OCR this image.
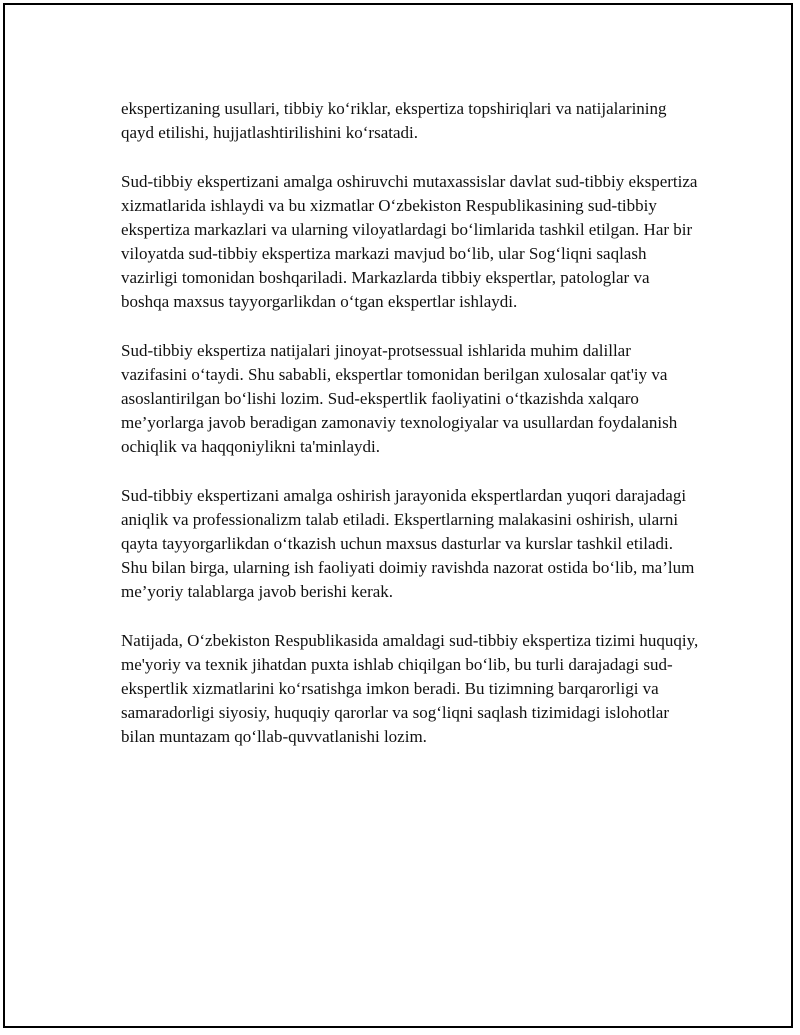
ekspertizaning usullari, tibbiy ko‘riklar, ekspertiza topshiriqlari va natijalarining qayd etilishi, hujjatlashtirilishini ko‘rsatadi.

Sud-tibbiy ekspertizani amalga oshiruvchi mutaxassislar davlat sud-tibbiy ekspertiza xizmatlarida ishlaydi va bu xizmatlar O‘zbekiston Respublikasining sud-tibbiy ekspertiza markazlari va ularning viloyatlardagi bo‘limlarida tashkil etilgan. Har bir viloyatda sud-tibbiy ekspertiza markazi mavjud bo‘lib, ular Sog‘liqni saqlash vazirligi tomonidan boshqariladi. Markazlarda tibbiy ekspertlar, patologlar va boshqa maxsus tayyorgarlikdan o‘tgan ekspertlar ishlaydi.

Sud-tibbiy ekspertiza natijalari jinoyat-protsessual ishlarida muhim dalillar vazifasini o‘taydi. Shu sababli, ekspertlar tomonidan berilgan xulosalar qat'iy va asoslantirilgan bo‘lishi lozim. Sud-ekspertlik faoliyatini o‘tkazishda xalqaro me’yorlarga javob beradigan zamonaviy texnologiyalar va usullardan foydalanish ochiqlik va haqqoniylikni ta'minlaydi.

Sud-tibbiy ekspertizani amalga oshirish jarayonida ekspertlardan yuqori darajadagi aniqlik va professionalizm talab etiladi. Ekspertlarning malakasini oshirish, ularni qayta tayyorgarlikdan o‘tkazish uchun maxsus dasturlar va kurslar tashkil etiladi. Shu bilan birga, ularning ish faoliyati doimiy ravishda nazorat ostida bo‘lib, ma’lum me’yoriy talablarga javob berishi kerak.

Natijada, O‘zbekiston Respublikasida amaldagi sud-tibbiy ekspertiza tizimi huquqiy, me'yoriy va texnik jihatdan puxta ishlab chiqilgan bo‘lib, bu turli darajadagi sud-ekspertlik xizmatlarini ko‘rsatishga imkon beradi. Bu tizimning barqarorligi va samaradorligi siyosiy, huquqiy qarorlar va sog‘liqni saqlash tizimidagi islohotlar bilan muntazam qo‘llab-quvvatlanishi lozim.
